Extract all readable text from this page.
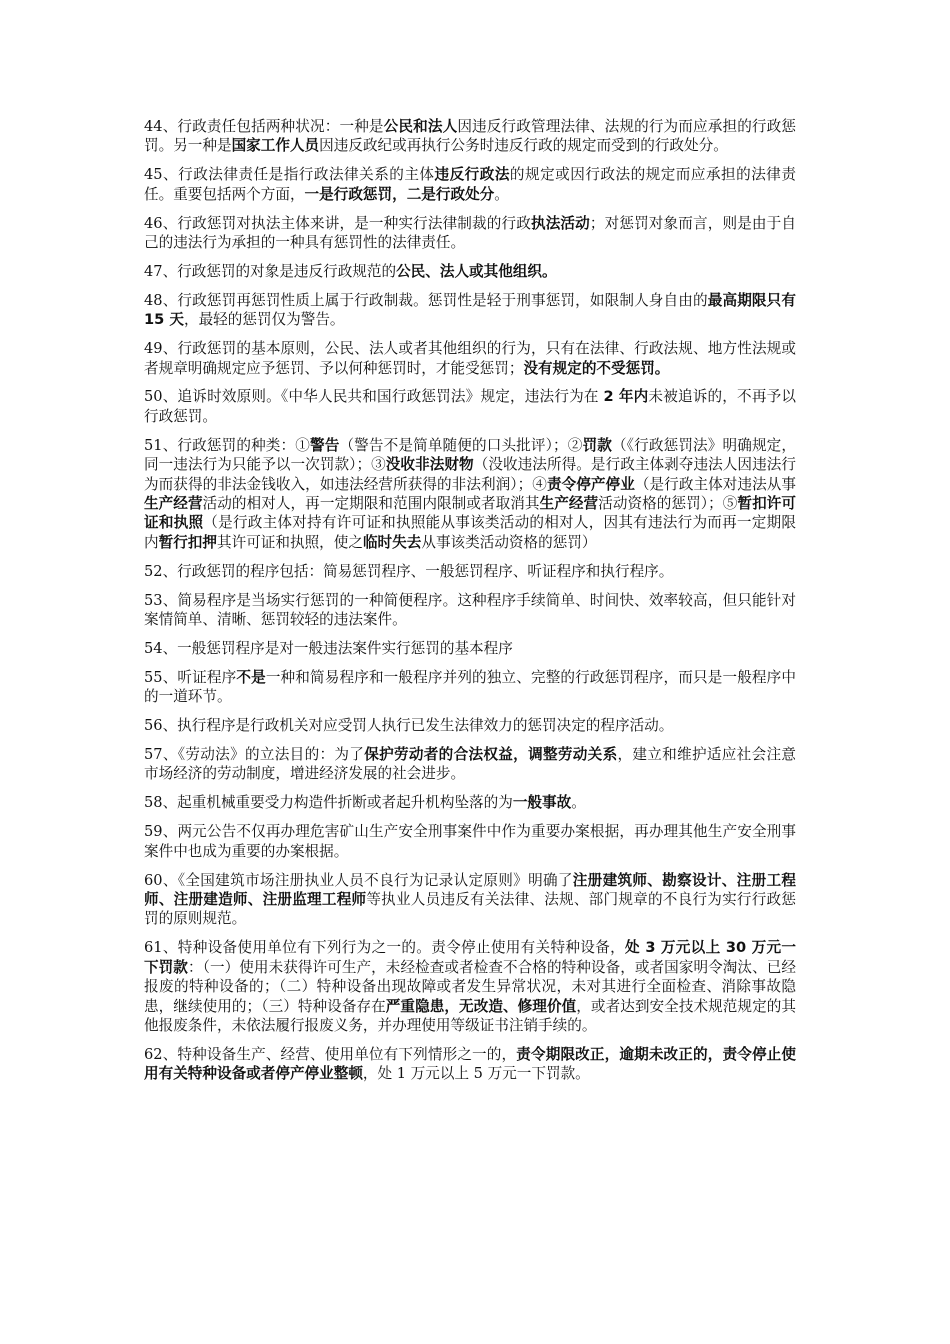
44、行政责任包括两种状况：一种是公民和法人因违反行政管理法律、法规的行为而应承担的行政惩罚。另一种是国家工作人员因违反政纪或再执行公务时违反行政的规定而受到的行政处分。

45、行政法律责任是指行政法律关系的主体违反行政法的规定或因行政法的规定而应承担的法律责任。重要包括两个方面，一是行政惩罚，二是行政处分。

46、行政惩罚对执法主体来讲，是一种实行法律制裁的行政执法活动；对惩罚对象而言，则是由于自己的违法行为承担的一种具有惩罚性的法律责任。

47、行政惩罚的对象是违反行政规范的公民、法人或其他组织。

48、行政惩罚再惩罚性质上属于行政制裁。惩罚性是轻于刑事惩罚，如限制人身自由的最高期限只有 15 天，最轻的惩罚仅为警告。

49、行政惩罚的基本原则，公民、法人或者其他组织的行为，只有在法律、行政法规、地方性法规或者规章明确规定应予惩罚、予以何种惩罚时，才能受惩罚；没有规定的不受惩罚。

50、追诉时效原则。《中华人民共和国行政惩罚法》规定，违法行为在 2 年内未被追诉的，不再予以行政惩罚。

51、行政惩罚的种类：①警告（警告不是简单随便的口头批评）；②罚款（《行政惩罚法》明确规定，同一违法行为只能予以一次罚款）；③没收非法财物（没收违法所得。是行政主体剥夺违法人因违法行为而获得的非法金钱收入，如违法经营所获得的非法利润）；④责令停产停业（是行政主体对违法从事生产经营活动的相对人，再一定期限和范围内限制或者取消其生产经营活动资格的惩罚）；⑤暂扣许可证和执照（是行政主体对持有许可证和执照能从事该类活动的相对人，因其有违法行为而再一定期限内暂行扣押其许可证和执照，使之临时失去从事该类活动资格的惩罚）

52、行政惩罚的程序包括：简易惩罚程序、一般惩罚程序、听证程序和执行程序。

53、简易程序是当场实行惩罚的一种简便程序。这种程序手续简单、时间快、效率较高，但只能针对案情简单、清晰、惩罚较轻的违法案件。

54、一般惩罚程序是对一般违法案件实行惩罚的基本程序

55、听证程序不是一种和简易程序和一般程序并列的独立、完整的行政惩罚程序，而只是一般程序中的一道环节。

56、执行程序是行政机关对应受罚人执行已发生法律效力的惩罚决定的程序活动。

57、《劳动法》的立法目的：为了保护劳动者的合法权益，调整劳动关系，建立和维护适应社会注意市场经济的劳动制度，增进经济发展的社会进步。

58、起重机械重要受力构造件折断或者起升机构坠落的为一般事故。

59、两元公告不仅再办理危害矿山生产安全刑事案件中作为重要办案根据，再办理其他生产安全刑事案件中也成为重要的办案根据。

60、《全国建筑市场注册执业人员不良行为记录认定原则》明确了注册建筑师、勘察设计、注册工程师、注册建造师、注册监理工程师等执业人员违反有关法律、法规、部门规章的不良行为实行行政惩罚的原则规范。

61、特种设备使用单位有下列行为之一的。责令停止使用有关特种设备，处 3 万元以上 30 万元一下罚款：（一）使用未获得许可生产，未经检查或者检查不合格的特种设备，或者国家明令淘汰、已经报废的特种设备的；（二）特种设备出现故障或者发生异常状况，未对其进行全面检查、消除事故隐患，继续使用的；（三）特种设备存在严重隐患，无改造、修理价值，或者达到安全技术规范规定的其他报废条件，未依法履行报废义务，并办理使用等级证书注销手续的。

62、特种设备生产、经营、使用单位有下列情形之一的，责令期限改正，逾期未改正的，责令停止使用有关特种设备或者停产停业整顿，处 1 万元以上 5 万元一下罚款。
